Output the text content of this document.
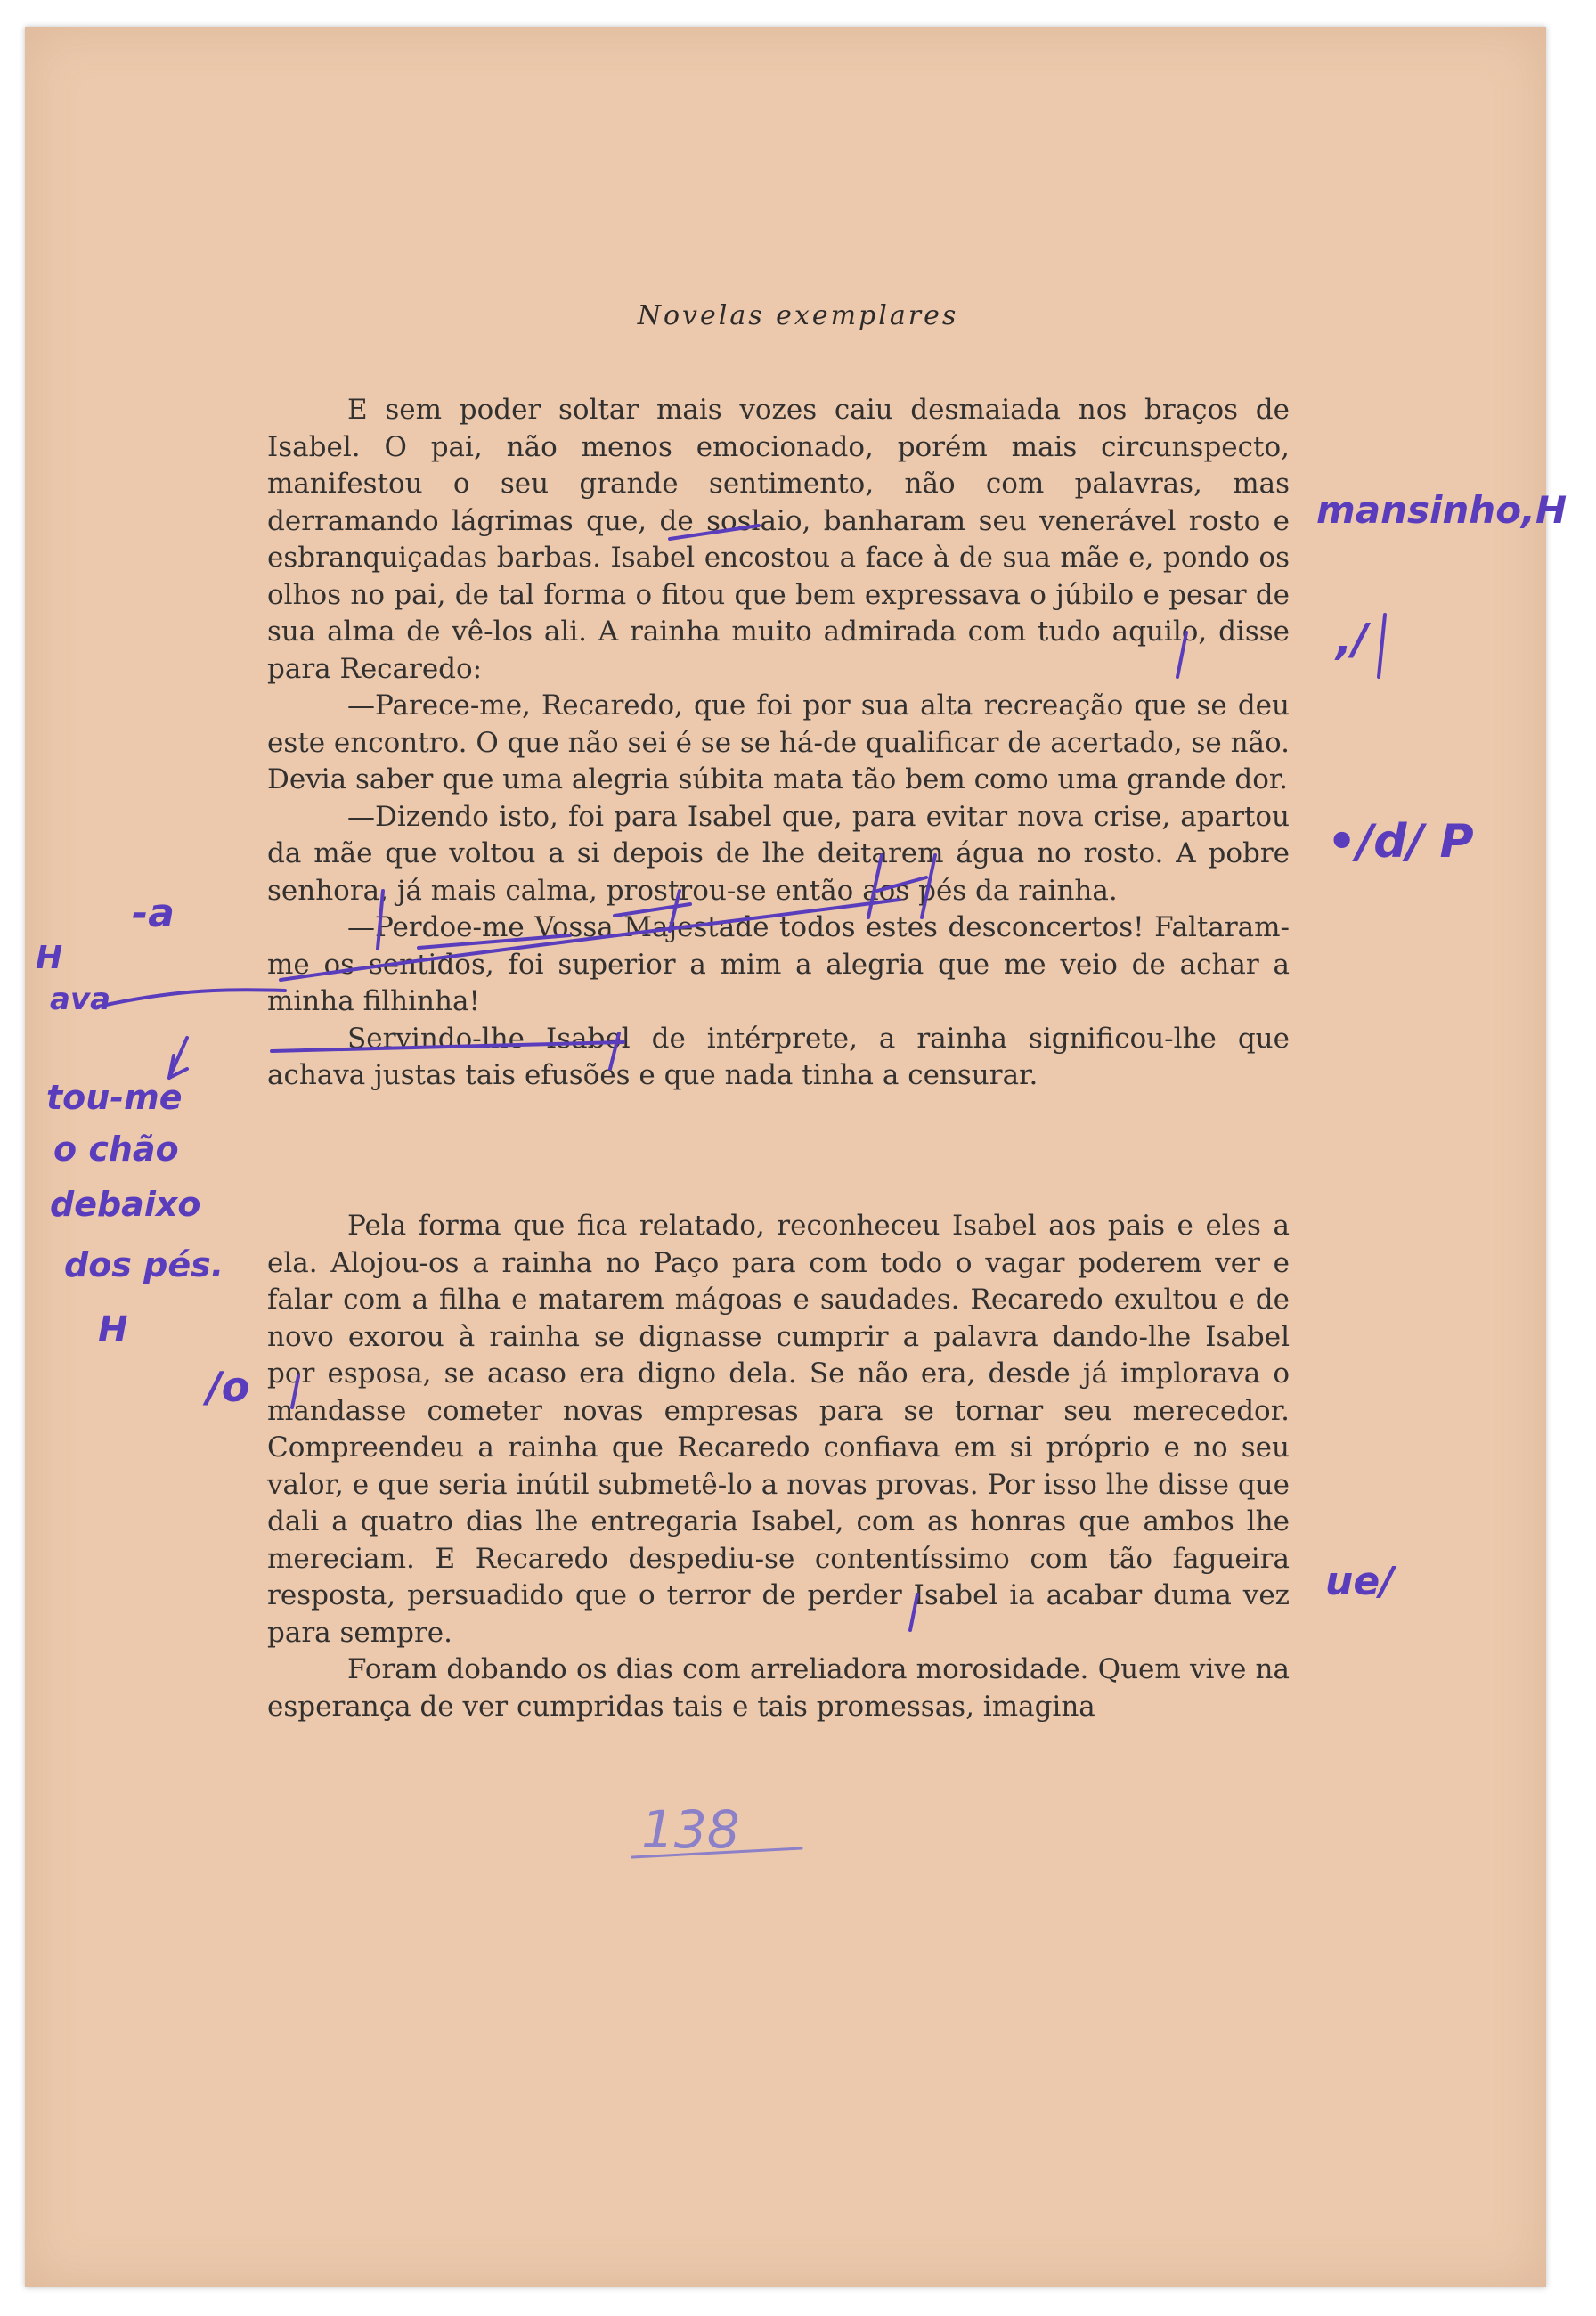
Novelas exemplares

E sem poder soltar mais vozes caiu desmaiada nos braços de Isabel. O pai, não menos emocionado, porém mais circunspecto, manifestou o seu grande sentimento, não com palavras, mas derramando lágrimas que, de soslaio, banharam seu venerável rosto e esbranquiçadas barbas. Isabel encostou a face à de sua mãe e, pondo os olhos no pai, de tal forma o fitou que bem expressava o júbilo e pesar de sua alma de vê-los ali. A rainha muito admirada com tudo aquilo, disse para Recaredo:

—Parece-me, Recaredo, que foi por sua alta recreação que se deu este encontro. O que não sei é se se há-de qualificar de acertado, se não. Devia saber que uma alegria súbita mata tão bem como uma grande dor.

—Dizendo isto, foi para Isabel que, para evitar nova crise, apartou da mãe que voltou a si depois de lhe deitarem água no rosto. A pobre senhora, já mais calma, prostrou-se então aos pés da rainha.

—Perdoe-me Vossa Majestade todos estes desconcertos! Faltaram-me os sentidos, foi superior a mim a alegria que me veio de achar a minha filhinha!

Servindo-lhe Isabel de intérprete, a rainha significou-lhe que achava justas tais efusões e que nada tinha a censurar.

Pela forma que fica relatado, reconheceu Isabel aos pais e eles a ela. Alojou-os a rainha no Paço para com todo o vagar poderem ver e falar com a filha e matarem mágoas e saudades. Recaredo exultou e de novo exorou à rainha se dignasse cumprir a palavra dando-lhe Isabel por esposa, se acaso era digno dela. Se não era, desde já implorava o mandasse cometer novas empresas para se tornar seu merecedor. Compreendeu a rainha que Recaredo confiava em si próprio e no seu valor, e que seria inútil submetê-lo a novas provas. Por isso lhe disse que dali a quatro dias lhe entregaria Isabel, com as honras que ambos lhe mereciam. E Recaredo despediu-se contentíssimo com tão fagueira resposta, persuadido que o terror de perder Isabel ia acabar duma vez para sempre.

Foram dobando os dias com arreliadora morosidade. Quem vive na esperança de ver cumpridas tais e tais promessas, imagina

mansinho,H
,/
•/d/ P
ue/
-a
H
ava
tou-me
o chão
debaixo
dos pés.
H
/o
138
